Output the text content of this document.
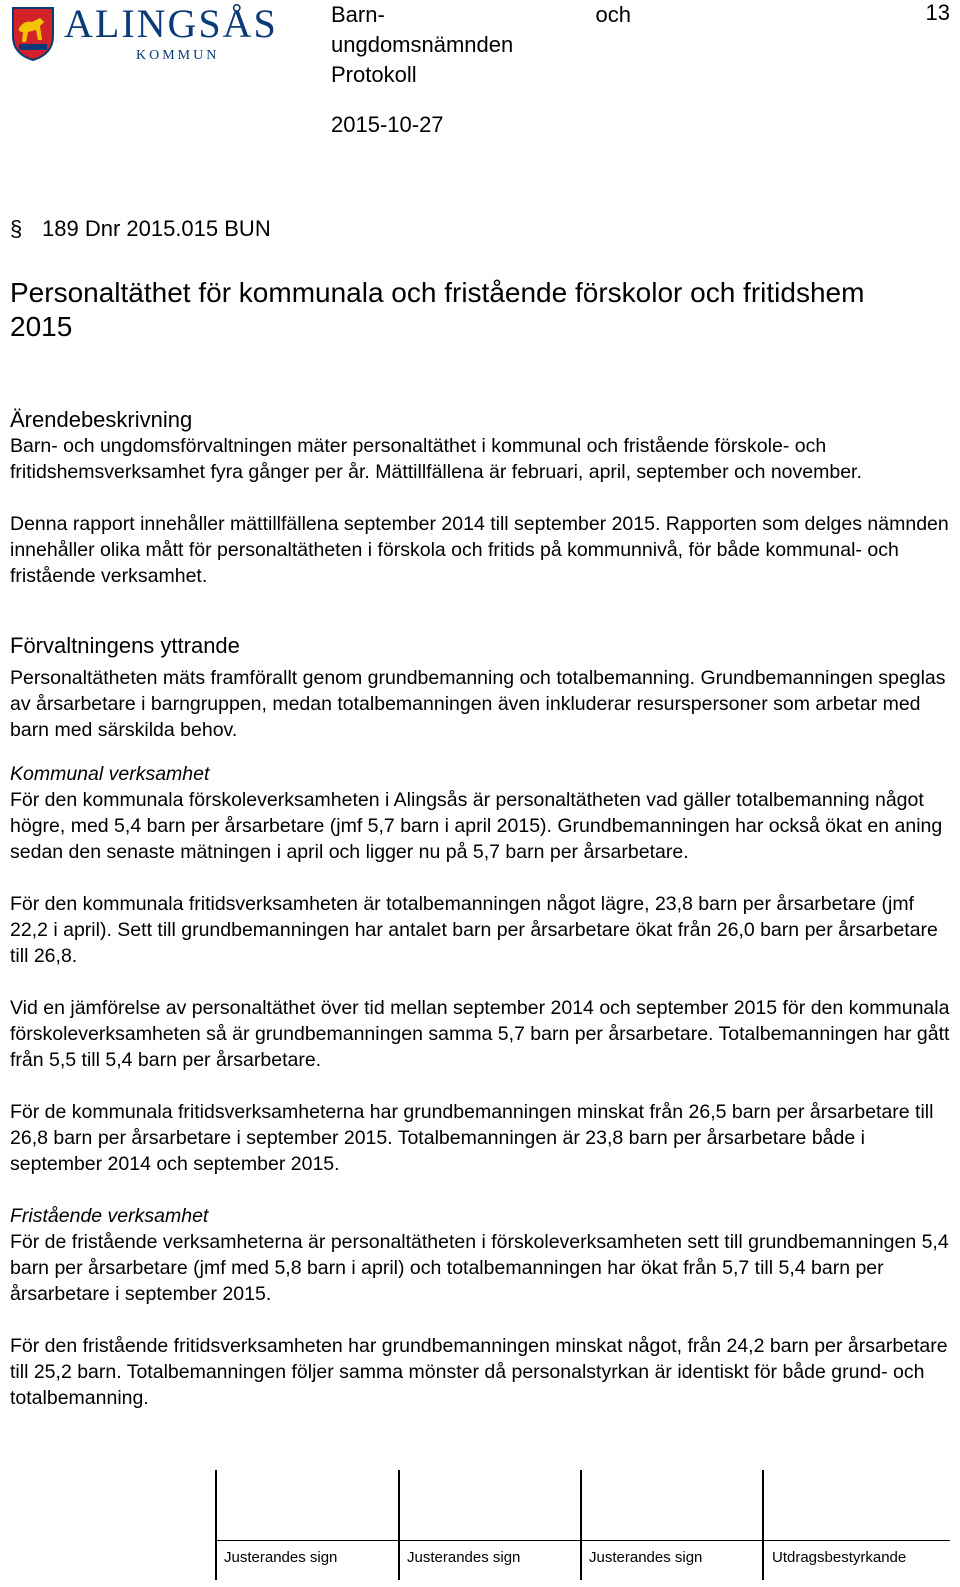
ALINGSÅS
KOMMUN
Barn-	och
ungdomsnämnden
Protokoll
13
2015-10-27
§ 189 Dnr 2015.015 BUN
Personaltäthet för kommunala och fristående förskolor och fritidshem 2015

Ärendebeskrivning

Barn- och ungdomsförvaltningen mäter personaltäthet i kommunal och fristående förskole- och fritidshemsverksamhet fyra gånger per år. Mättillfällena är februari, april, september och november.

Denna rapport innehåller mättillfällena september 2014 till september 2015. Rapporten som delges nämnden innehåller olika mått för personaltätheten i förskola och fritids på kommunnivå, för både kommunal- och fristående verksamhet.

Förvaltningens yttrande

Personaltätheten mäts framförallt genom grundbemanning och totalbemanning. Grundbemanningen speglas av årsarbetare i barngruppen, medan totalbemanningen även inkluderar resurspersoner som arbetar med barn med särskilda behov.

Kommunal verksamhet

För den kommunala förskoleverksamheten i Alingsås är personaltätheten vad gäller totalbemanning något högre, med 5,4 barn per årsarbetare (jmf 5,7 barn i april 2015). Grundbemanningen har också ökat en aning sedan den senaste mätningen i april och ligger nu på 5,7 barn per årsarbetare.

För den kommunala fritidsverksamheten är totalbemanningen något lägre, 23,8 barn per årsarbetare (jmf 22,2 i april). Sett till grundbemanningen har antalet barn per årsarbetare ökat från 26,0 barn per årsarbetare till 26,8.

Vid en jämförelse av personaltäthet över tid mellan september 2014 och september 2015 för den kommunala förskoleverksamheten så är grundbemanningen samma 5,7 barn per årsarbetare. Totalbemanningen har gått från 5,5 till 5,4 barn per årsarbetare.

För de kommunala fritidsverksamheterna har grundbemanningen minskat från 26,5 barn per årsarbetare till 26,8 barn per årsarbetare i september 2015. Totalbemanningen är 23,8 barn per årsarbetare både i september 2014 och september 2015.

Fristående verksamhet

För de fristående verksamheterna är personaltätheten i förskoleverksamheten sett till grundbemanningen 5,4 barn per årsarbetare (jmf med 5,8 barn i april) och totalbemanningen har ökat från 5,7 till 5,4 barn per årsarbetare i september 2015.

För den fristående fritidsverksamheten har grundbemanningen minskat något, från 24,2 barn per årsarbetare till 25,2 barn. Totalbemanningen följer samma mönster då personalstyrkan är identiskt för både grund- och totalbemanning.

Justerandes sign	Justerandes sign	Justerandes sign	Utdragsbestyrkande
